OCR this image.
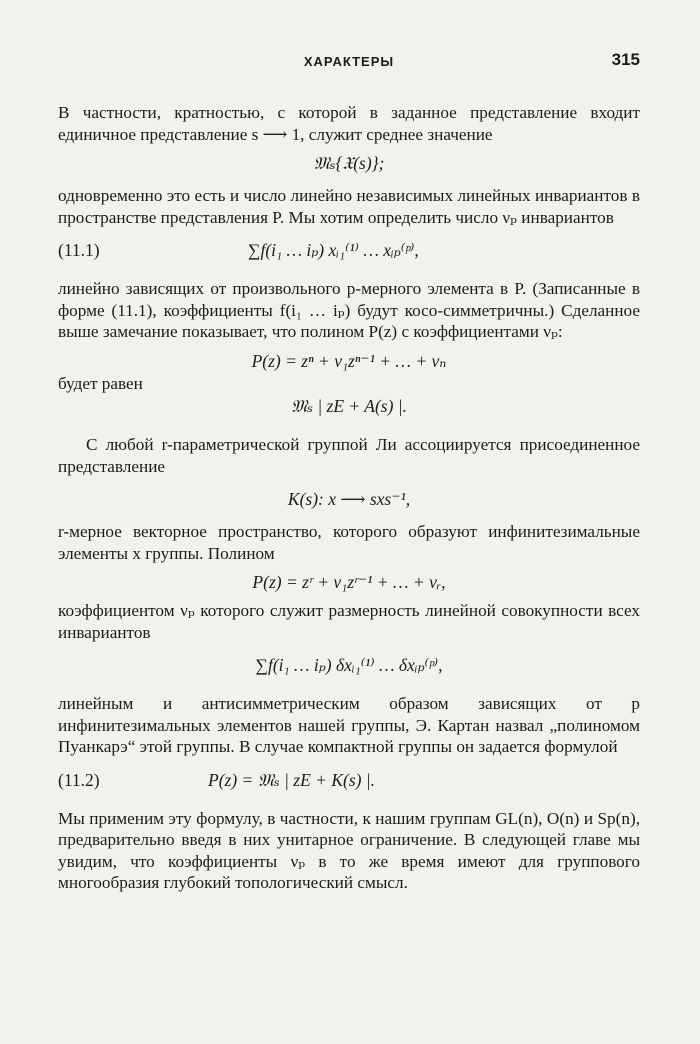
ХАРАКТЕРЫ	315

В частности, кратностью, с которой в заданное представление входит единичное представление s ⟶ 1, служит среднее значение

𝔐ₛ{𝔛(s)};

одновременно это есть и число линейно независимых линейных инвариантов в пространстве представления P. Мы хотим определить число νₚ инвариантов

(11.1)	∑f(i₁ … iₚ) xᵢ₁⁽¹⁾ … xᵢₚ⁽ᵖ⁾,

линейно зависящих от произвольного p-мерного элемента в P. (Записанные в форме (11.1), коэффициенты f(i₁ … iₚ) будут косо-симметричны.) Сделанное выше замечание показывает, что полином P(z) с коэффициентами νₚ:

P(z) = zⁿ + ν₁zⁿ⁻¹ + … + νₙ

будет равен

𝔐ₛ | zE + A(s) |.

С любой r-параметрической группой Ли ассоциируется присоединенное представление

K(s): x ⟶ sxs⁻¹,

r-мерное векторное пространство, которого образуют инфинитезимальные элементы x группы. Полином

P(z) = zʳ + ν₁zʳ⁻¹ + … + νᵣ,

коэффициентом νₚ которого служит размерность линейной совокупности всех инвариантов

∑f(i₁ … iₚ) δxᵢ₁⁽¹⁾ … δxᵢₚ⁽ᵖ⁾,

линейным и антисимметрическим образом зависящих от p инфинитезимальных элементов нашей группы, Э. Картан назвал „полиномом Пуанкарэ“ этой группы. В случае компактной группы он задается формулой

(11.2)	P(z) = 𝔐ₛ | zE + K(s) |.

Мы применим эту формулу, в частности, к нашим группам GL(n), O(n) и Sp(n), предварительно введя в них унитарное ограничение. В следующей главе мы увидим, что коэффициенты νₚ в то же время имеют для группового многообразия глубокий топологический смысл.
